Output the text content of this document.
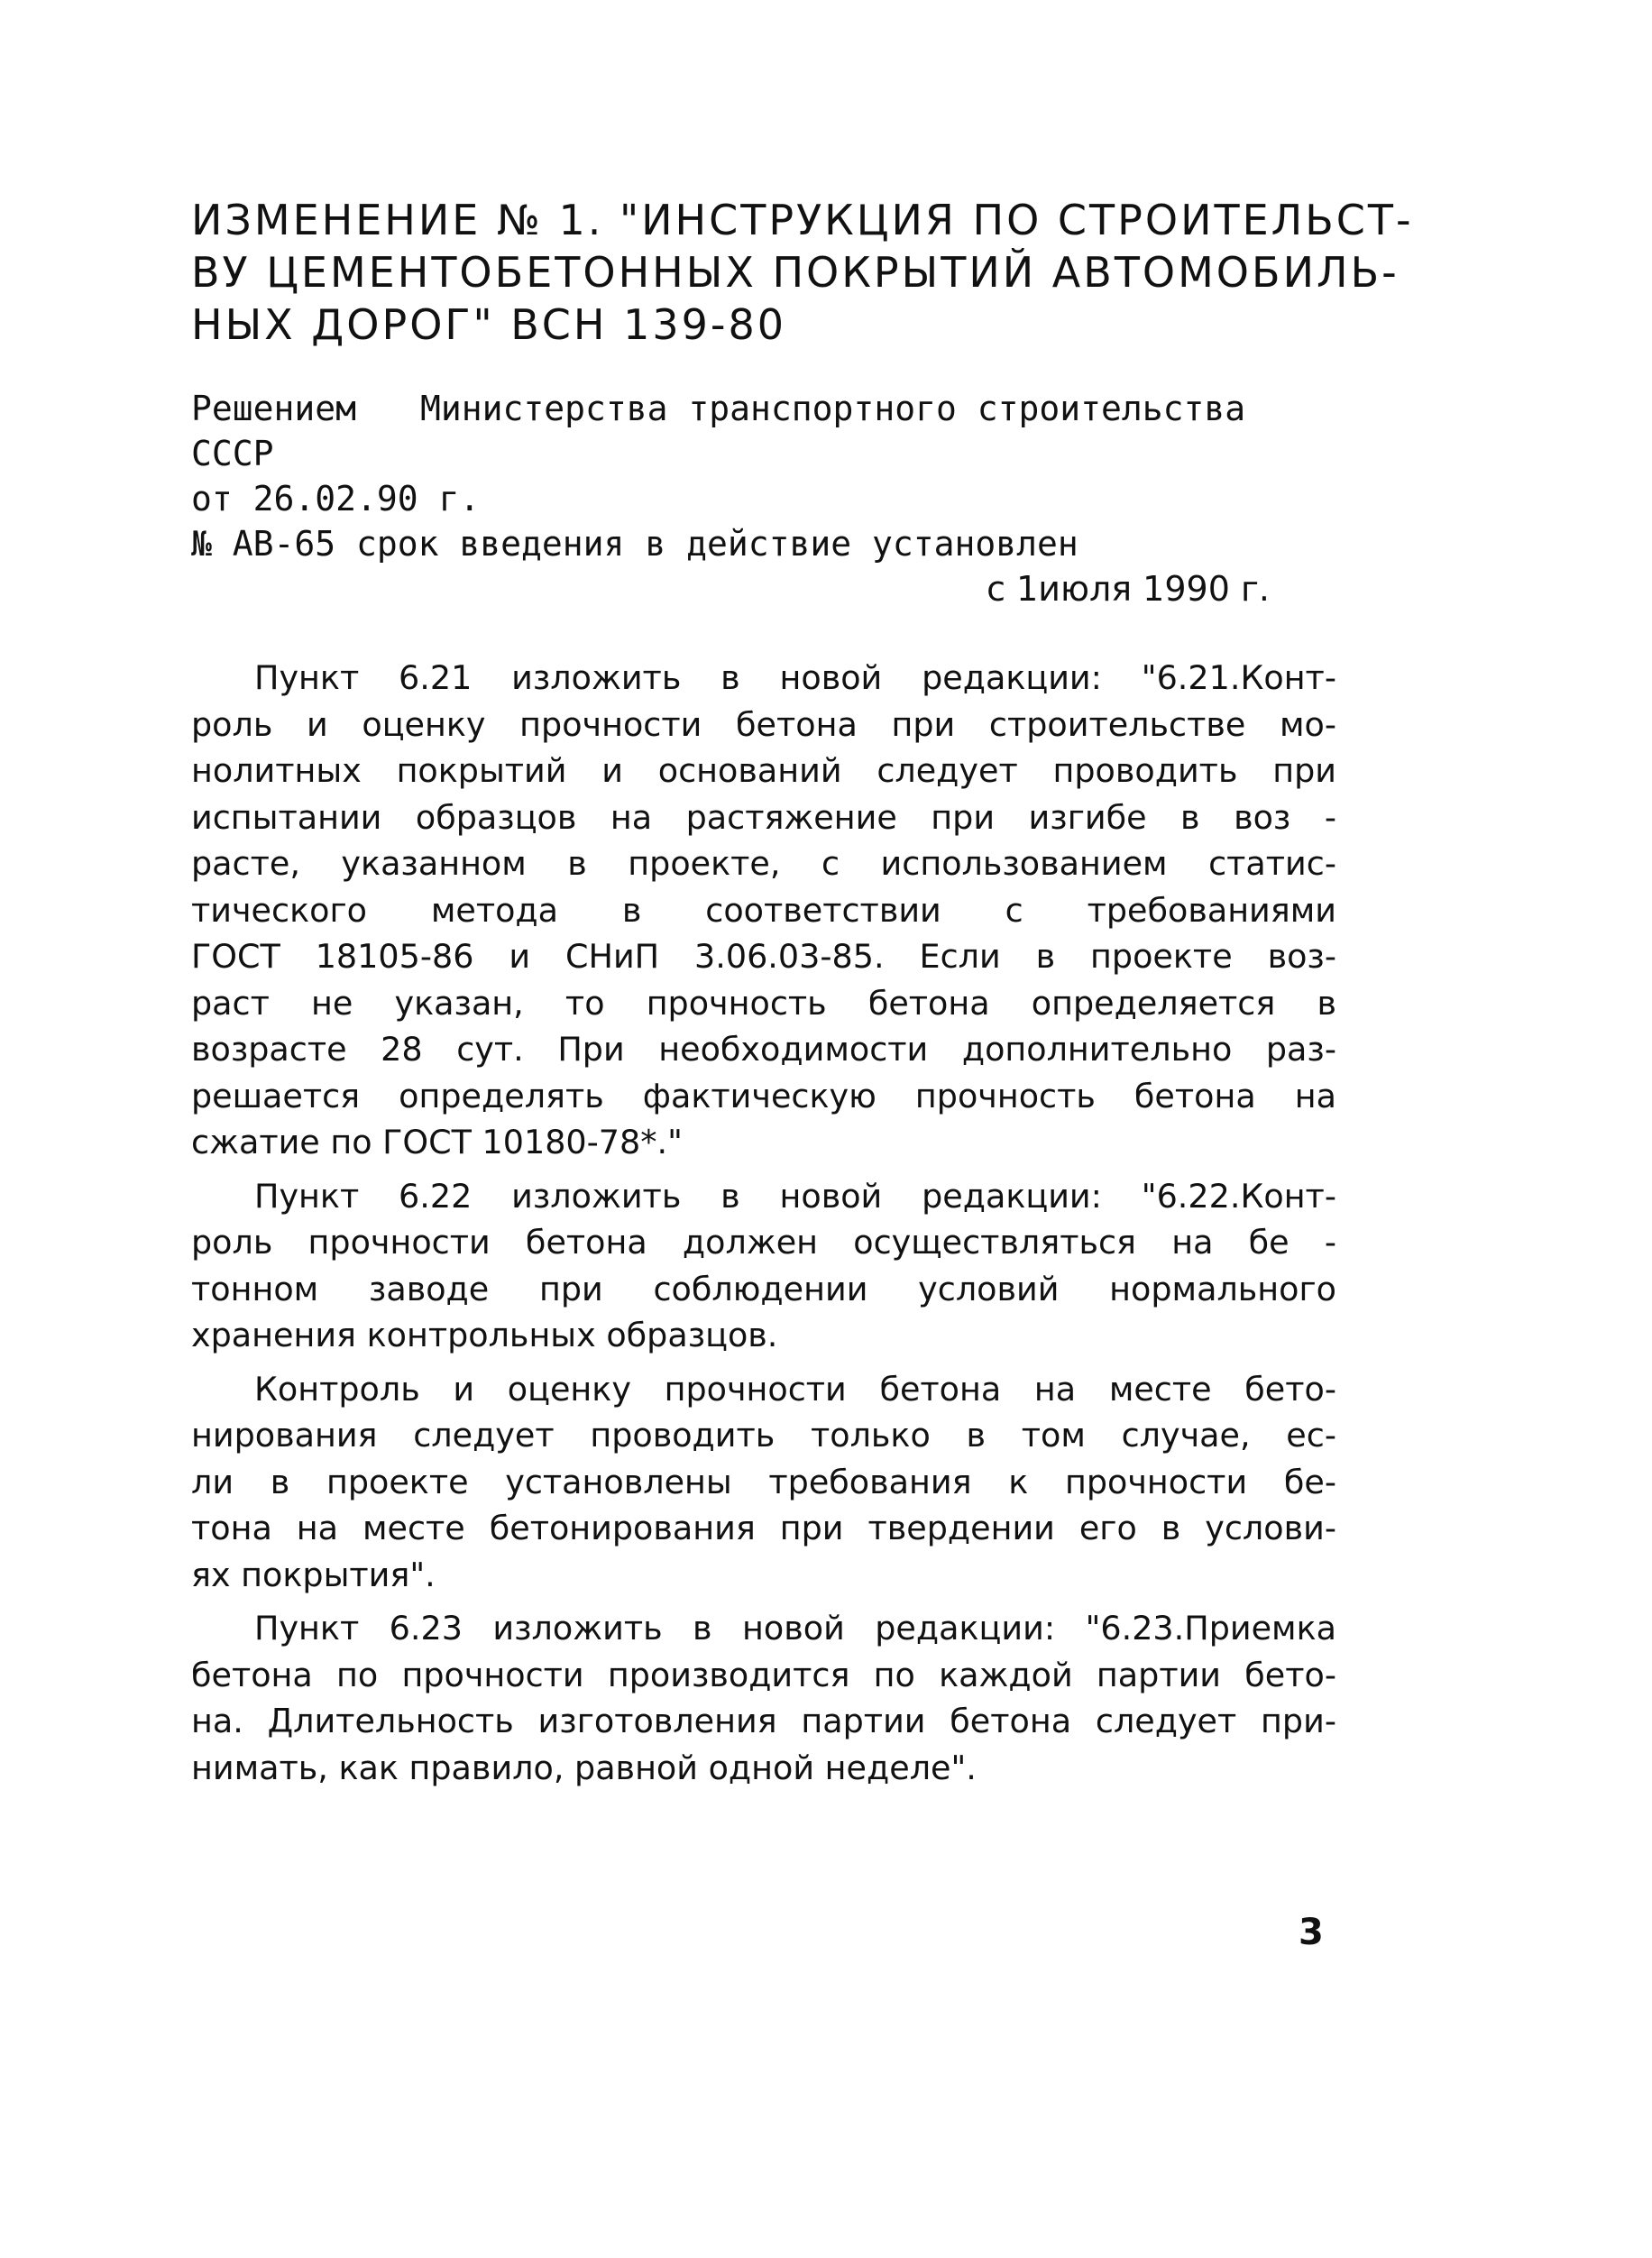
ИЗМЕНЕНИЕ № 1. "ИНСТРУКЦИЯ ПО СТРОИТЕЛЬСТ-
ВУ ЦЕМЕНТОБЕТОННЫХ ПОКРЫТИЙ АВТОМОБИЛЬ-
НЫХ ДОРОГ" ВСН 139-80
Решением Министерства транспортного строительства
СССР
от 26.02.90 г.
№ АВ-65 срок введения в действие установлен
с 1июля 1990 г.
Пункт 6.21 изложить в новой редакции: "6.21.Конт-
роль и оценку прочности бетона при строительстве мо-
нолитных покрытий и оснований следует проводить при
испытании образцов на растяжение при изгибе в воз -
расте, указанном в проекте, с использованием статис-
тического метода в соответствии с требованиями
ГОСТ 18105-86 и СНиП 3.06.03-85. Если в проекте воз-
раст не указан, то прочность бетона определяется в
возрасте 28 сут. При необходимости дополнительно раз-
решается определять фактическую прочность бетона на
сжатие по ГОСТ 10180-78*."
Пункт 6.22 изложить в новой редакции: "6.22.Конт-
роль прочности бетона должен осуществляться на бе -
тонном заводе при соблюдении условий нормального
хранения контрольных образцов.
Контроль и оценку прочности бетона на месте бето-
нирования следует проводить только в том случае, ес-
ли в проекте установлены требования к прочности бе-
тона на месте бетонирования при твердении его в услови-
ях покрытия".
Пункт 6.23 изложить в новой редакции: "6.23.Приемка
бетона по прочности производится по каждой партии бето-
на. Длительность изготовления партии бетона следует при-
нимать, как правило, равной одной неделе".
3
